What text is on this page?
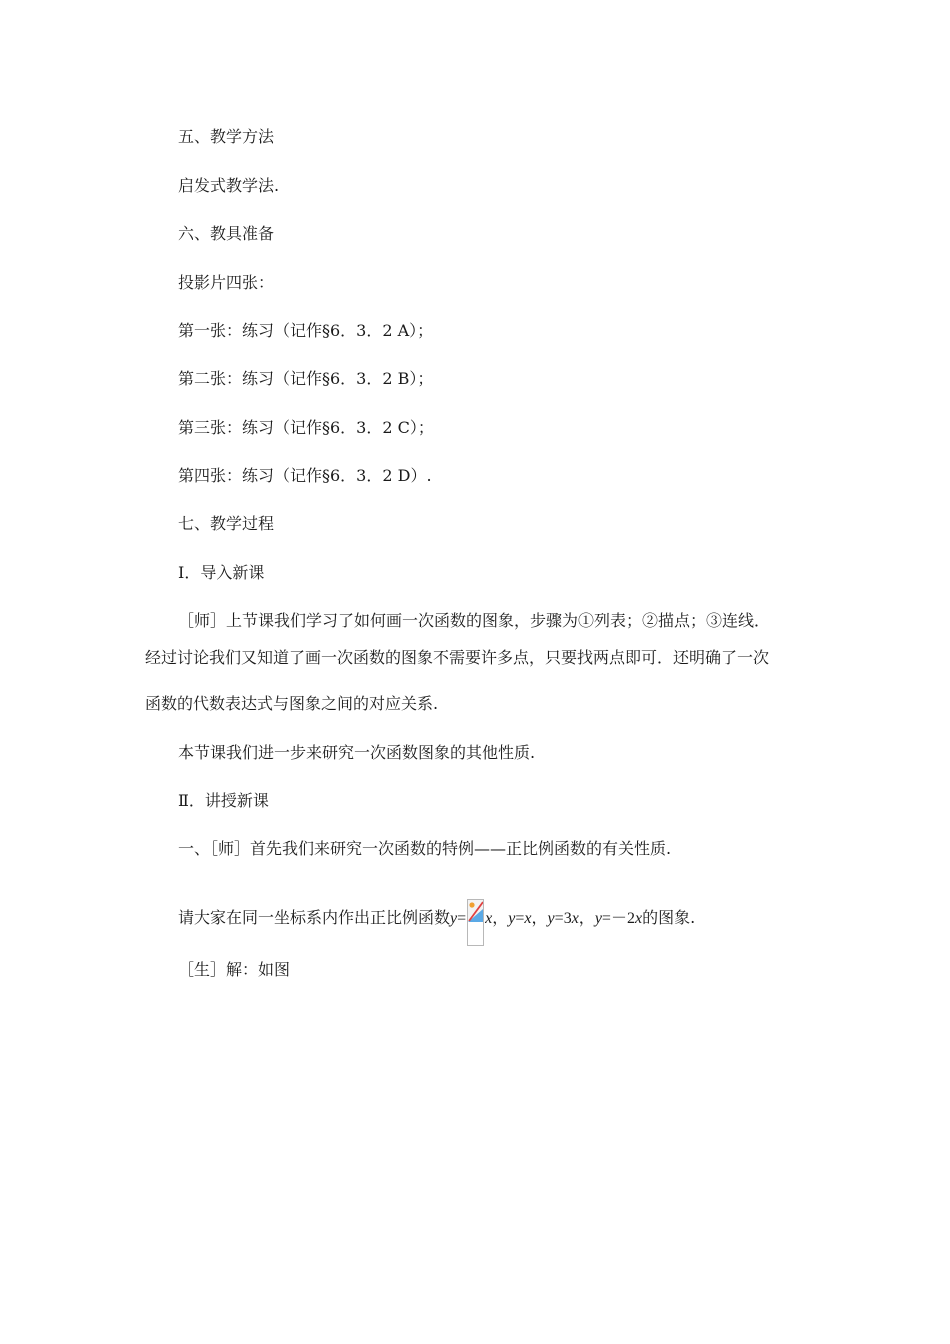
五、教学方法
启发式教学法.
六、教具准备
投影片四张：
第一张：练习（记作§6．3．2 A）；
第二张：练习（记作§6．3．2 B）；
第三张：练习（记作§6．3．2 C）；
第四张：练习（记作§6．3．2 D）.
七、教学过程
Ⅰ．导入新课
［师］上节课我们学习了如何画一次函数的图象，步骤为①列表；②描点；③连线．
经过讨论我们又知道了画一次函数的图象不需要许多点，只要找两点即可．还明确了一次
函数的代数表达式与图象之间的对应关系.
本节课我们进一步来研究一次函数图象的其他性质.
Ⅱ．讲授新课
一、［师］首先我们来研究一次函数的特例——正比例函数的有关性质.
请大家在同一坐标系内作出正比例函数y= x，y=x，y=3x，y=－2x的图象.
［生］解：如图
